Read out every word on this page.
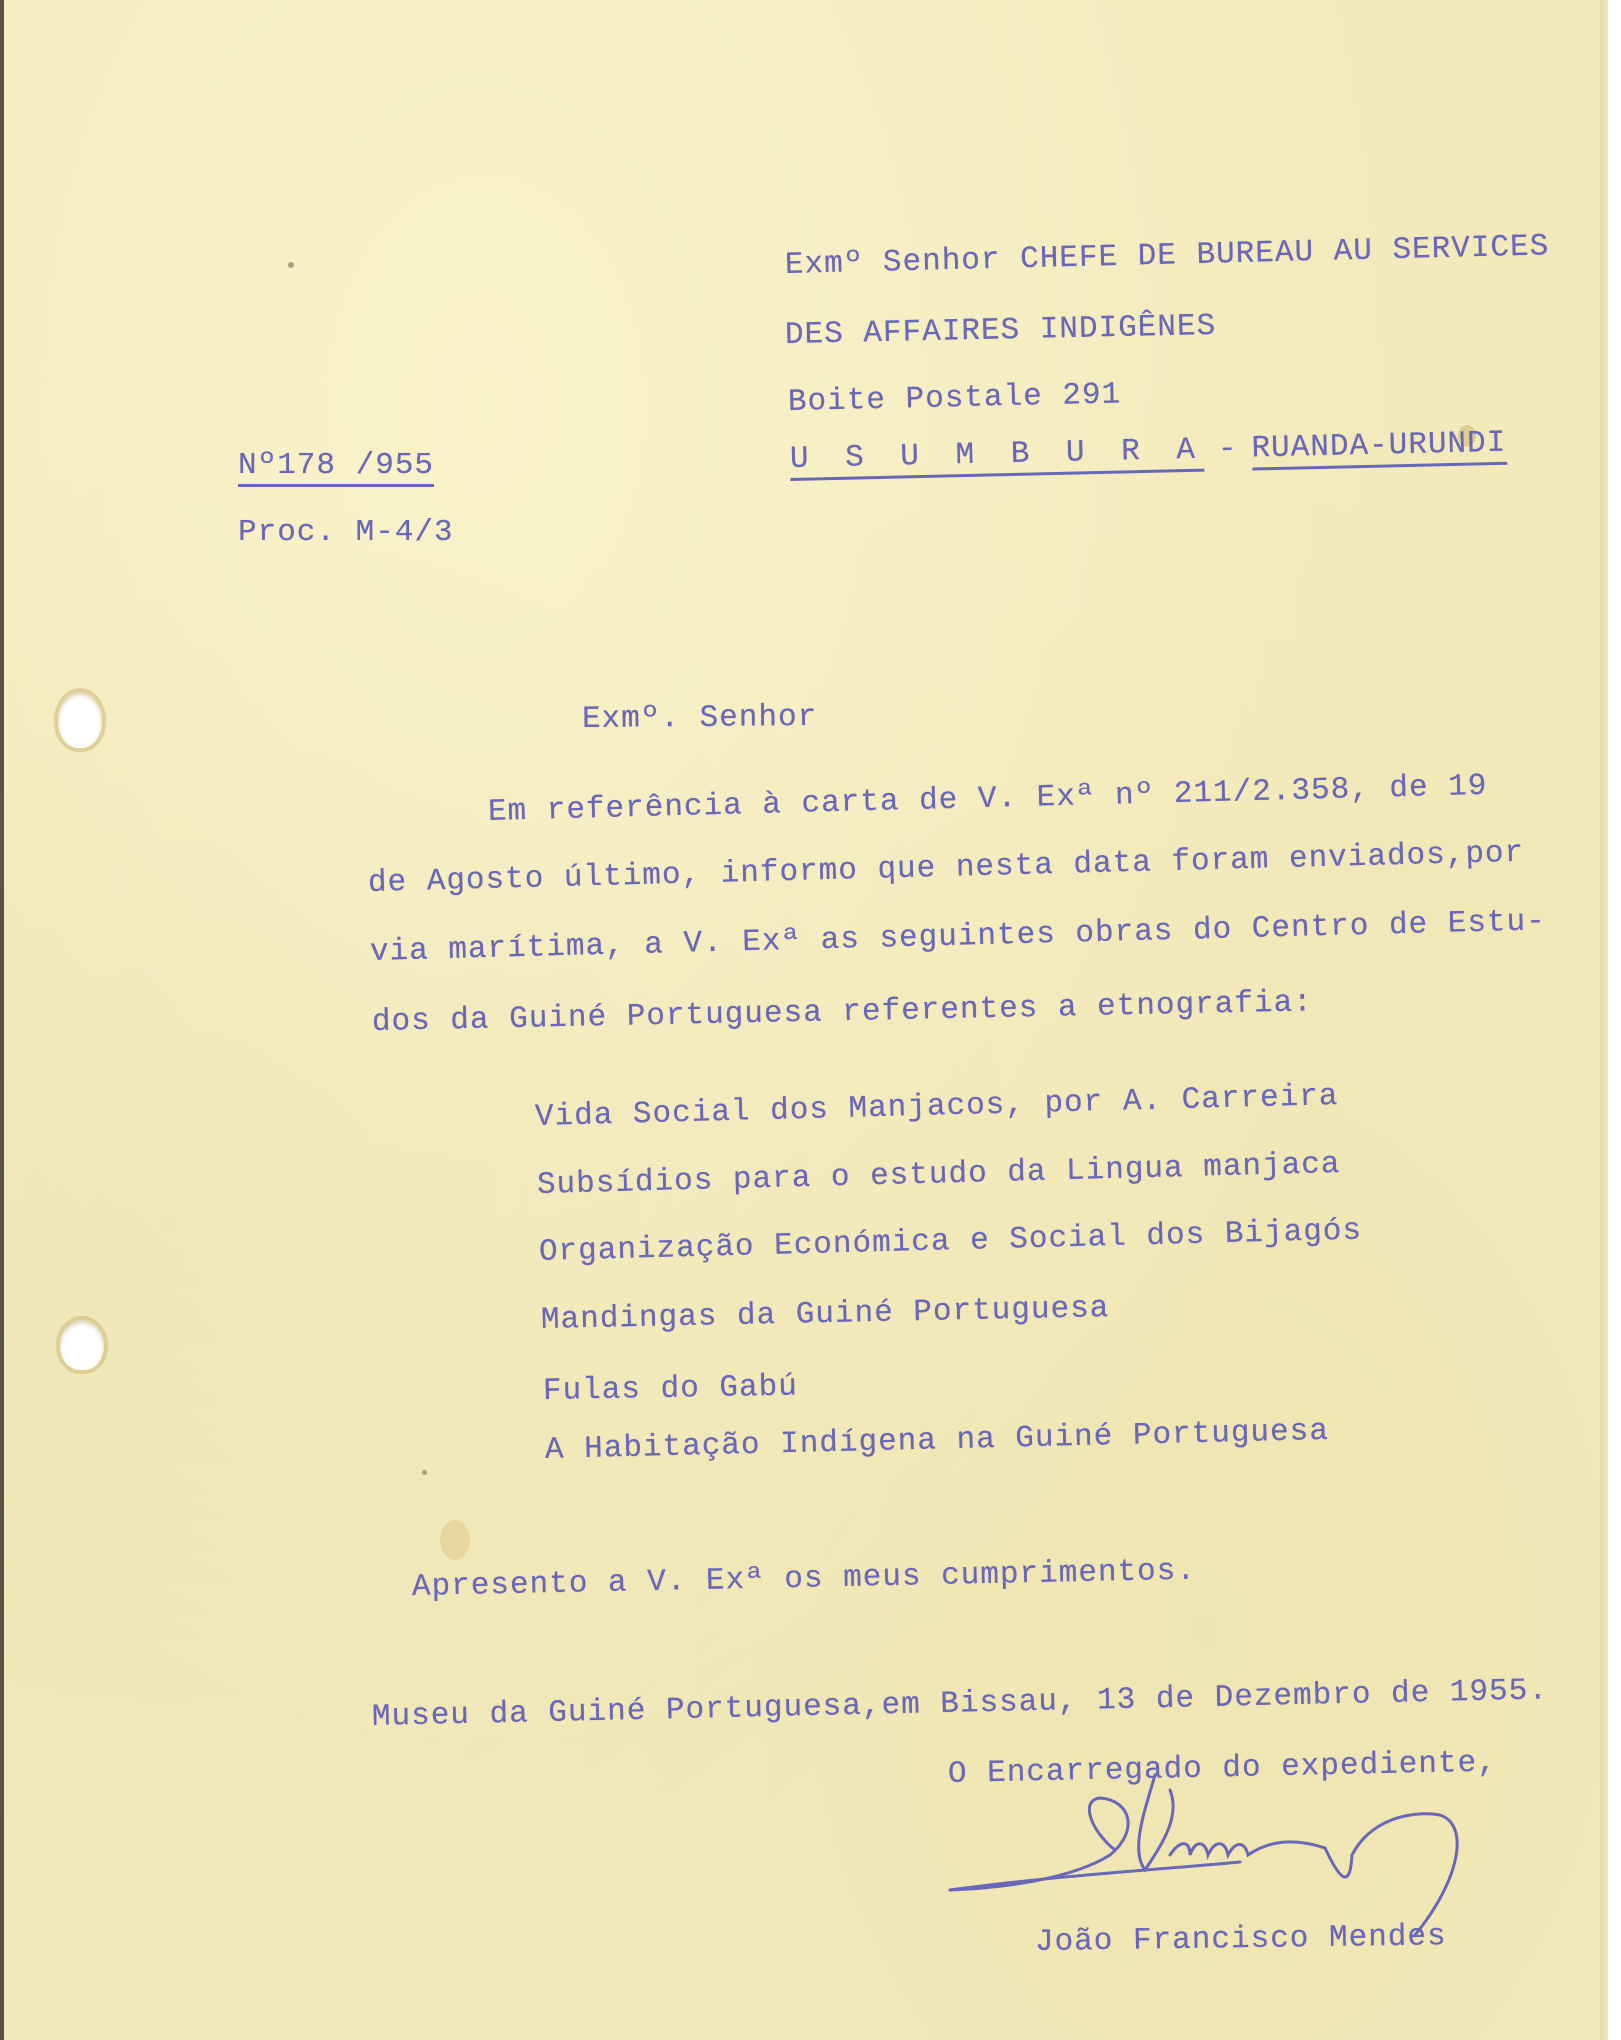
Exmº Senhor CHEFE DE BUREAU AU SERVICES
DES AFFAIRES INDIGÊNES
Boite Postale 291
U S U M B U R A - RUANDA-URUNDI
Nº178 /955
Proc. M-4/3
Exmº. Senhor
Em referência à carta de V. Exª nº 211/2.358, de 19
de Agosto último, informo que nesta data foram enviados,por
via marítima, a V. Exª as seguintes obras do Centro de Estu-
dos da Guiné Portuguesa referentes a etnografia:
Vida Social dos Manjacos, por A. Carreira
Subsídios para o estudo da Lingua manjaca
Organização Económica e Social dos Bijagós
Mandingas da Guiné Portuguesa
Fulas do Gabú
A Habitação Indígena na Guiné Portuguesa
Apresento a V. Exª os meus cumprimentos.
Museu da Guiné Portuguesa,em Bissau, 13 de Dezembro de 1955.
O Encarregado do expediente,
João Francisco Mendes
